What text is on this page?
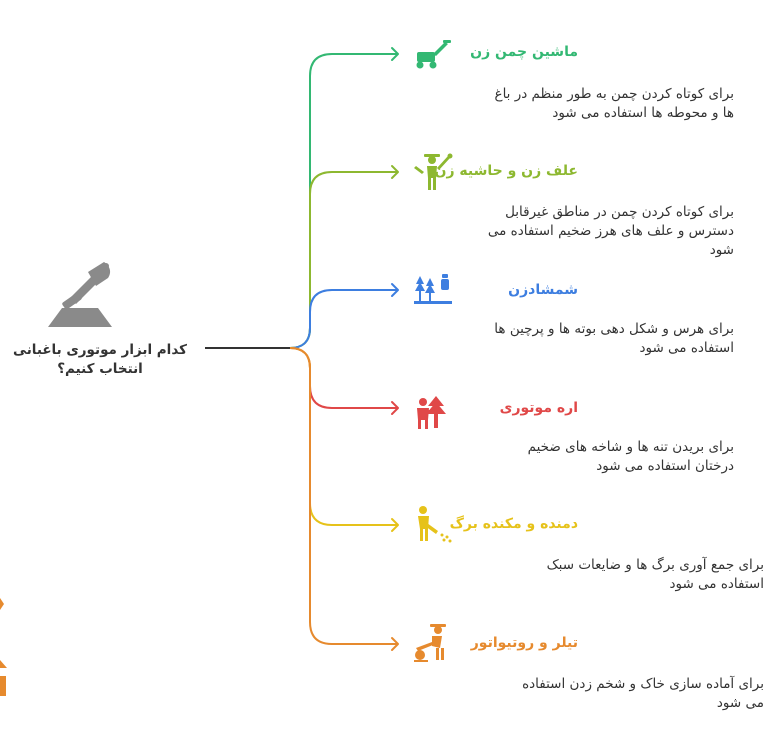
کدام ابزار موتوری باغبانی
انتخاب کنیم؟
ماشین چمن زن
برای کوتاه کردن چمن به طور منظم در باغ
ها و محوطه ها استفاده می شود
علف زن و حاشیه زن
برای کوتاه کردن چمن در مناطق غیرقابل
دسترس و علف های هرز ضخیم استفاده می
شود
شمشادزن
برای هرس و شکل دهی بوته ها و پرچین ها
استفاده می شود
اره موتوری
برای بریدن تنه ها و شاخه های ضخیم
درختان استفاده می شود
دمنده و مکنده برگ
برای جمع آوری برگ ها و ضایعات سبک
استفاده می شود
تیلر و روتیواتور
برای آماده سازی خاک و شخم زدن استفاده
می شود
